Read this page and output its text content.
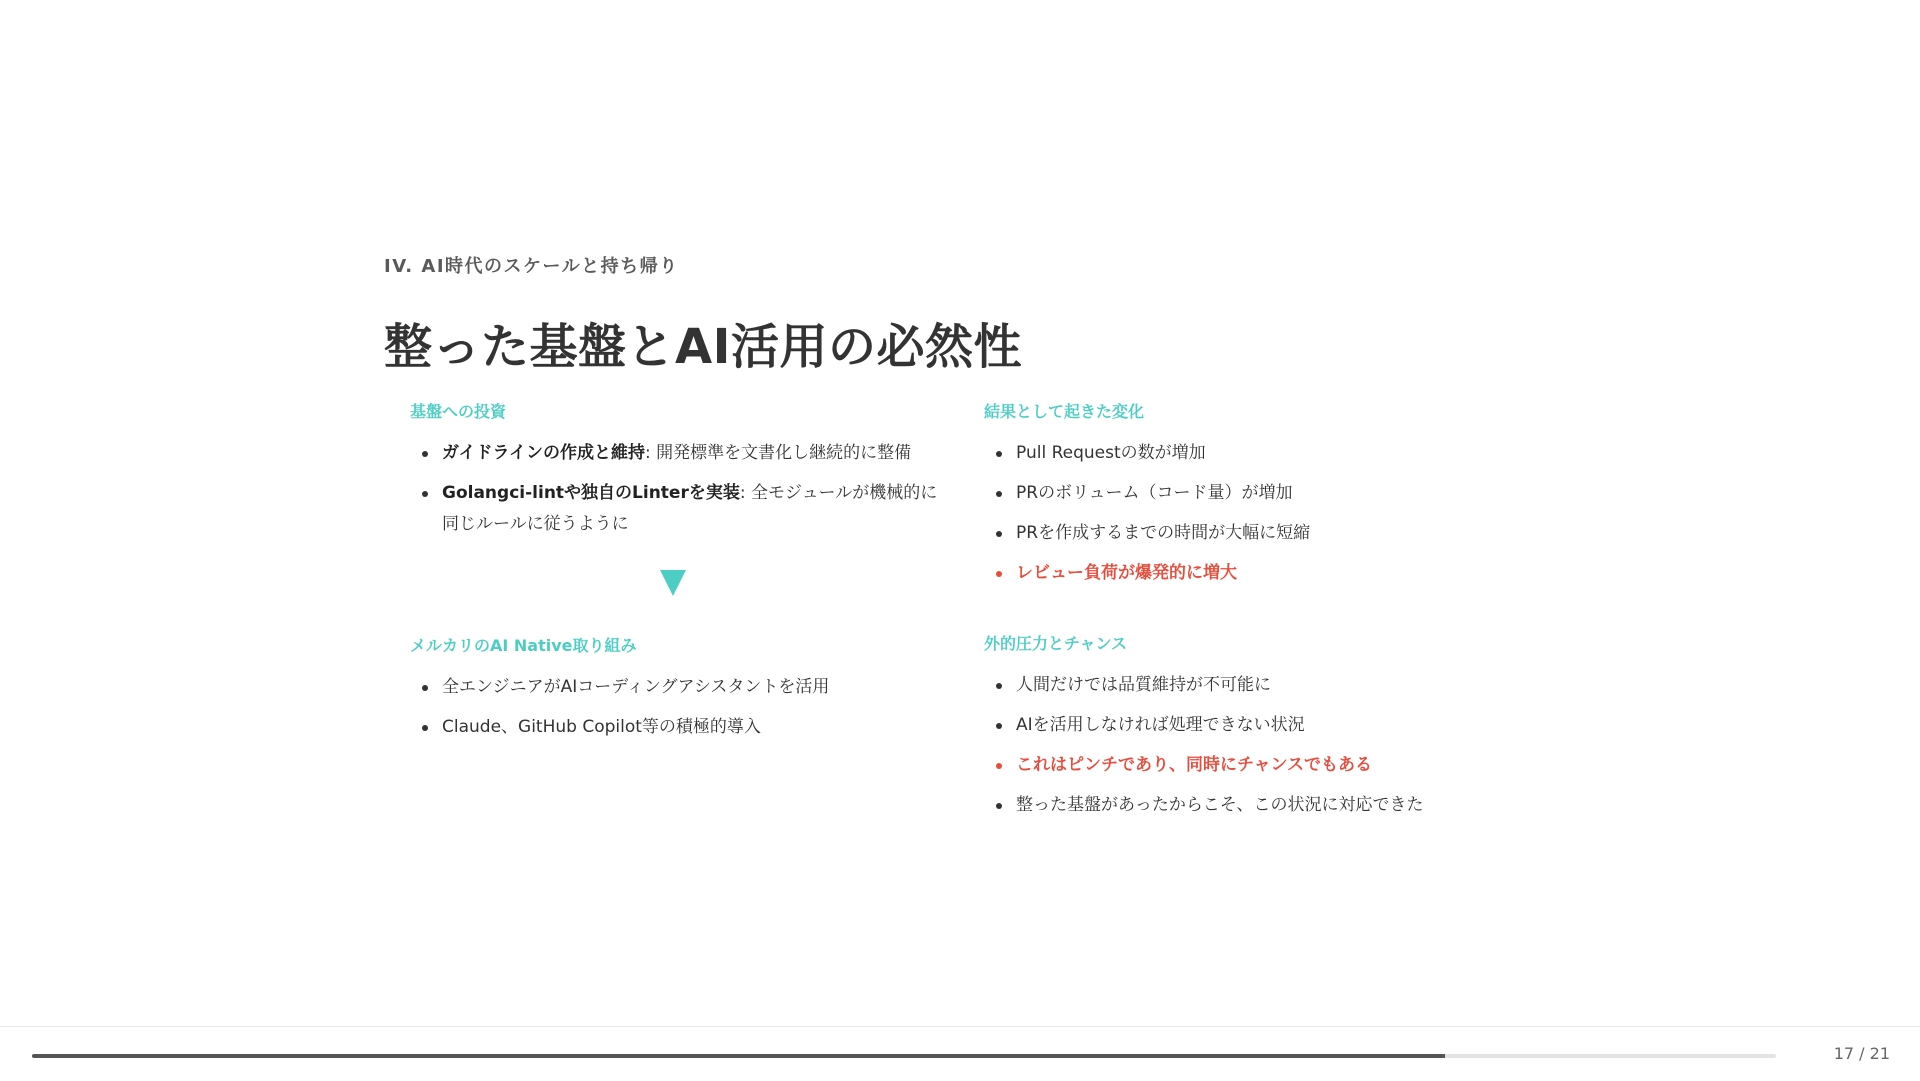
IV. AI時代のスケールと持ち帰り
整った基盤とAI活用の必然性
基盤への投資
ガイドラインの作成と維持: 開発標準を文書化し継続的に整備
Golangci-lintや独自のLinterを実装: 全モジュールが機械的に同じルールに従うように
メルカリのAI Native取り組み
全エンジニアがAIコーディングアシスタントを活用
Claude、GitHub Copilot等の積極的導入
結果として起きた変化
Pull Requestの数が増加
PRのボリューム（コード量）が増加
PRを作成するまでの時間が大幅に短縮
レビュー負荷が爆発的に増大
外的圧力とチャンス
人間だけでは品質維持が不可能に
AIを活用しなければ処理できない状況
これはピンチであり、同時にチャンスでもある
整った基盤があったからこそ、この状況に対応できた
17 / 21
